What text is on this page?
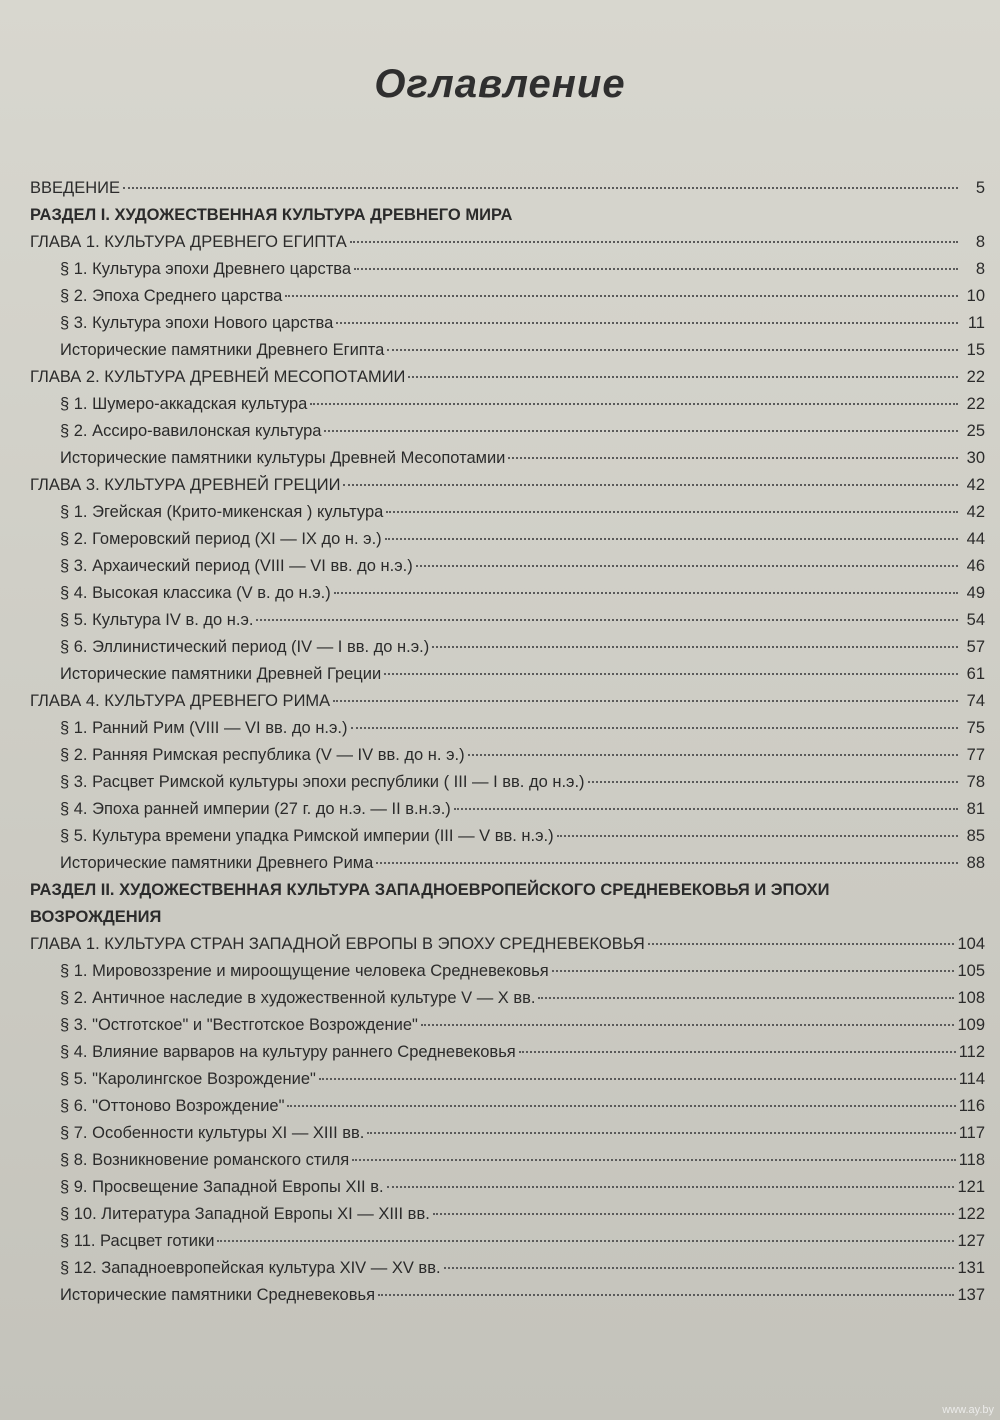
Оглавление
ВВЕДЕНИЕ	5
РАЗДЕЛ I. ХУДОЖЕСТВЕННАЯ КУЛЬТУРА ДРЕВНЕГО МИРА
ГЛАВА 1. КУЛЬТУРА ДРЕВНЕГО ЕГИПТА	8
§ 1. Культура эпохи Древнего царства	8
§ 2. Эпоха Среднего царства	10
§ 3. Культура эпохи Нового царства	11
Исторические памятники Древнего Египта	15
ГЛАВА 2. КУЛЬТУРА ДРЕВНЕЙ МЕСОПОТАМИИ	22
§ 1. Шумеро-аккадская культура	22
§ 2. Ассиро-вавилонская культура	25
Исторические памятники культуры Древней Месопотамии	30
ГЛАВА 3. КУЛЬТУРА ДРЕВНЕЙ ГРЕЦИИ	42
§ 1. Эгейская (Крито-микенская ) культура	42
§ 2. Гомеровский период (XI — IX до н. э.)	44
§ 3. Архаический период (VIII — VI вв. до н.э.)	46
§ 4. Высокая классика (V в. до н.э.)	49
§ 5. Культура IV в. до н.э.	54
§ 6. Эллинистический период (IV — I вв. до н.э.)	57
Исторические памятники Древней Греции	61
ГЛАВА 4. КУЛЬТУРА ДРЕВНЕГО РИМА	74
§ 1. Ранний Рим (VIII — VI вв. до н.э.)	75
§ 2. Ранняя Римская республика (V — IV вв. до н. э.)	77
§ 3. Расцвет Римской культуры эпохи республики ( III — I вв. до н.э.)	78
§ 4. Эпоха ранней империи (27 г. до н.э. — II в.н.э.)	81
§ 5. Культура времени упадка Римской империи (III — V вв. н.э.)	85
Исторические памятники Древнего Рима	88
РАЗДЕЛ II. ХУДОЖЕСТВЕННАЯ КУЛЬТУРА ЗАПАДНОЕВРОПЕЙСКОГО СРЕДНЕВЕКОВЬЯ И ЭПОХИ ВОЗРОЖДЕНИЯ
ГЛАВА 1. КУЛЬТУРА СТРАН ЗАПАДНОЙ ЕВРОПЫ В ЭПОХУ СРЕДНЕВЕКОВЬЯ	104
§ 1. Мировоззрение и мироощущение человека Средневековья	105
§ 2. Античное наследие в художественной культуре V — X вв.	108
§ 3. "Остготское" и "Вестготское Возрождение"	109
§ 4. Влияние варваров на культуру раннего Средневековья	112
§ 5. "Каролингское Возрождение"	114
§ 6. "Оттоново Возрождение"	116
§ 7. Особенности культуры XI — XIII вв.	117
§ 8. Возникновение романского стиля	118
§ 9. Просвещение Западной Европы XII в.	121
§ 10. Литература Западной Европы XI — XIII вв.	122
§ 11. Расцвет готики	127
§ 12. Западноевропейская культура XIV — XV вв.	131
Исторические памятники Средневековья	137
www.ay.by
